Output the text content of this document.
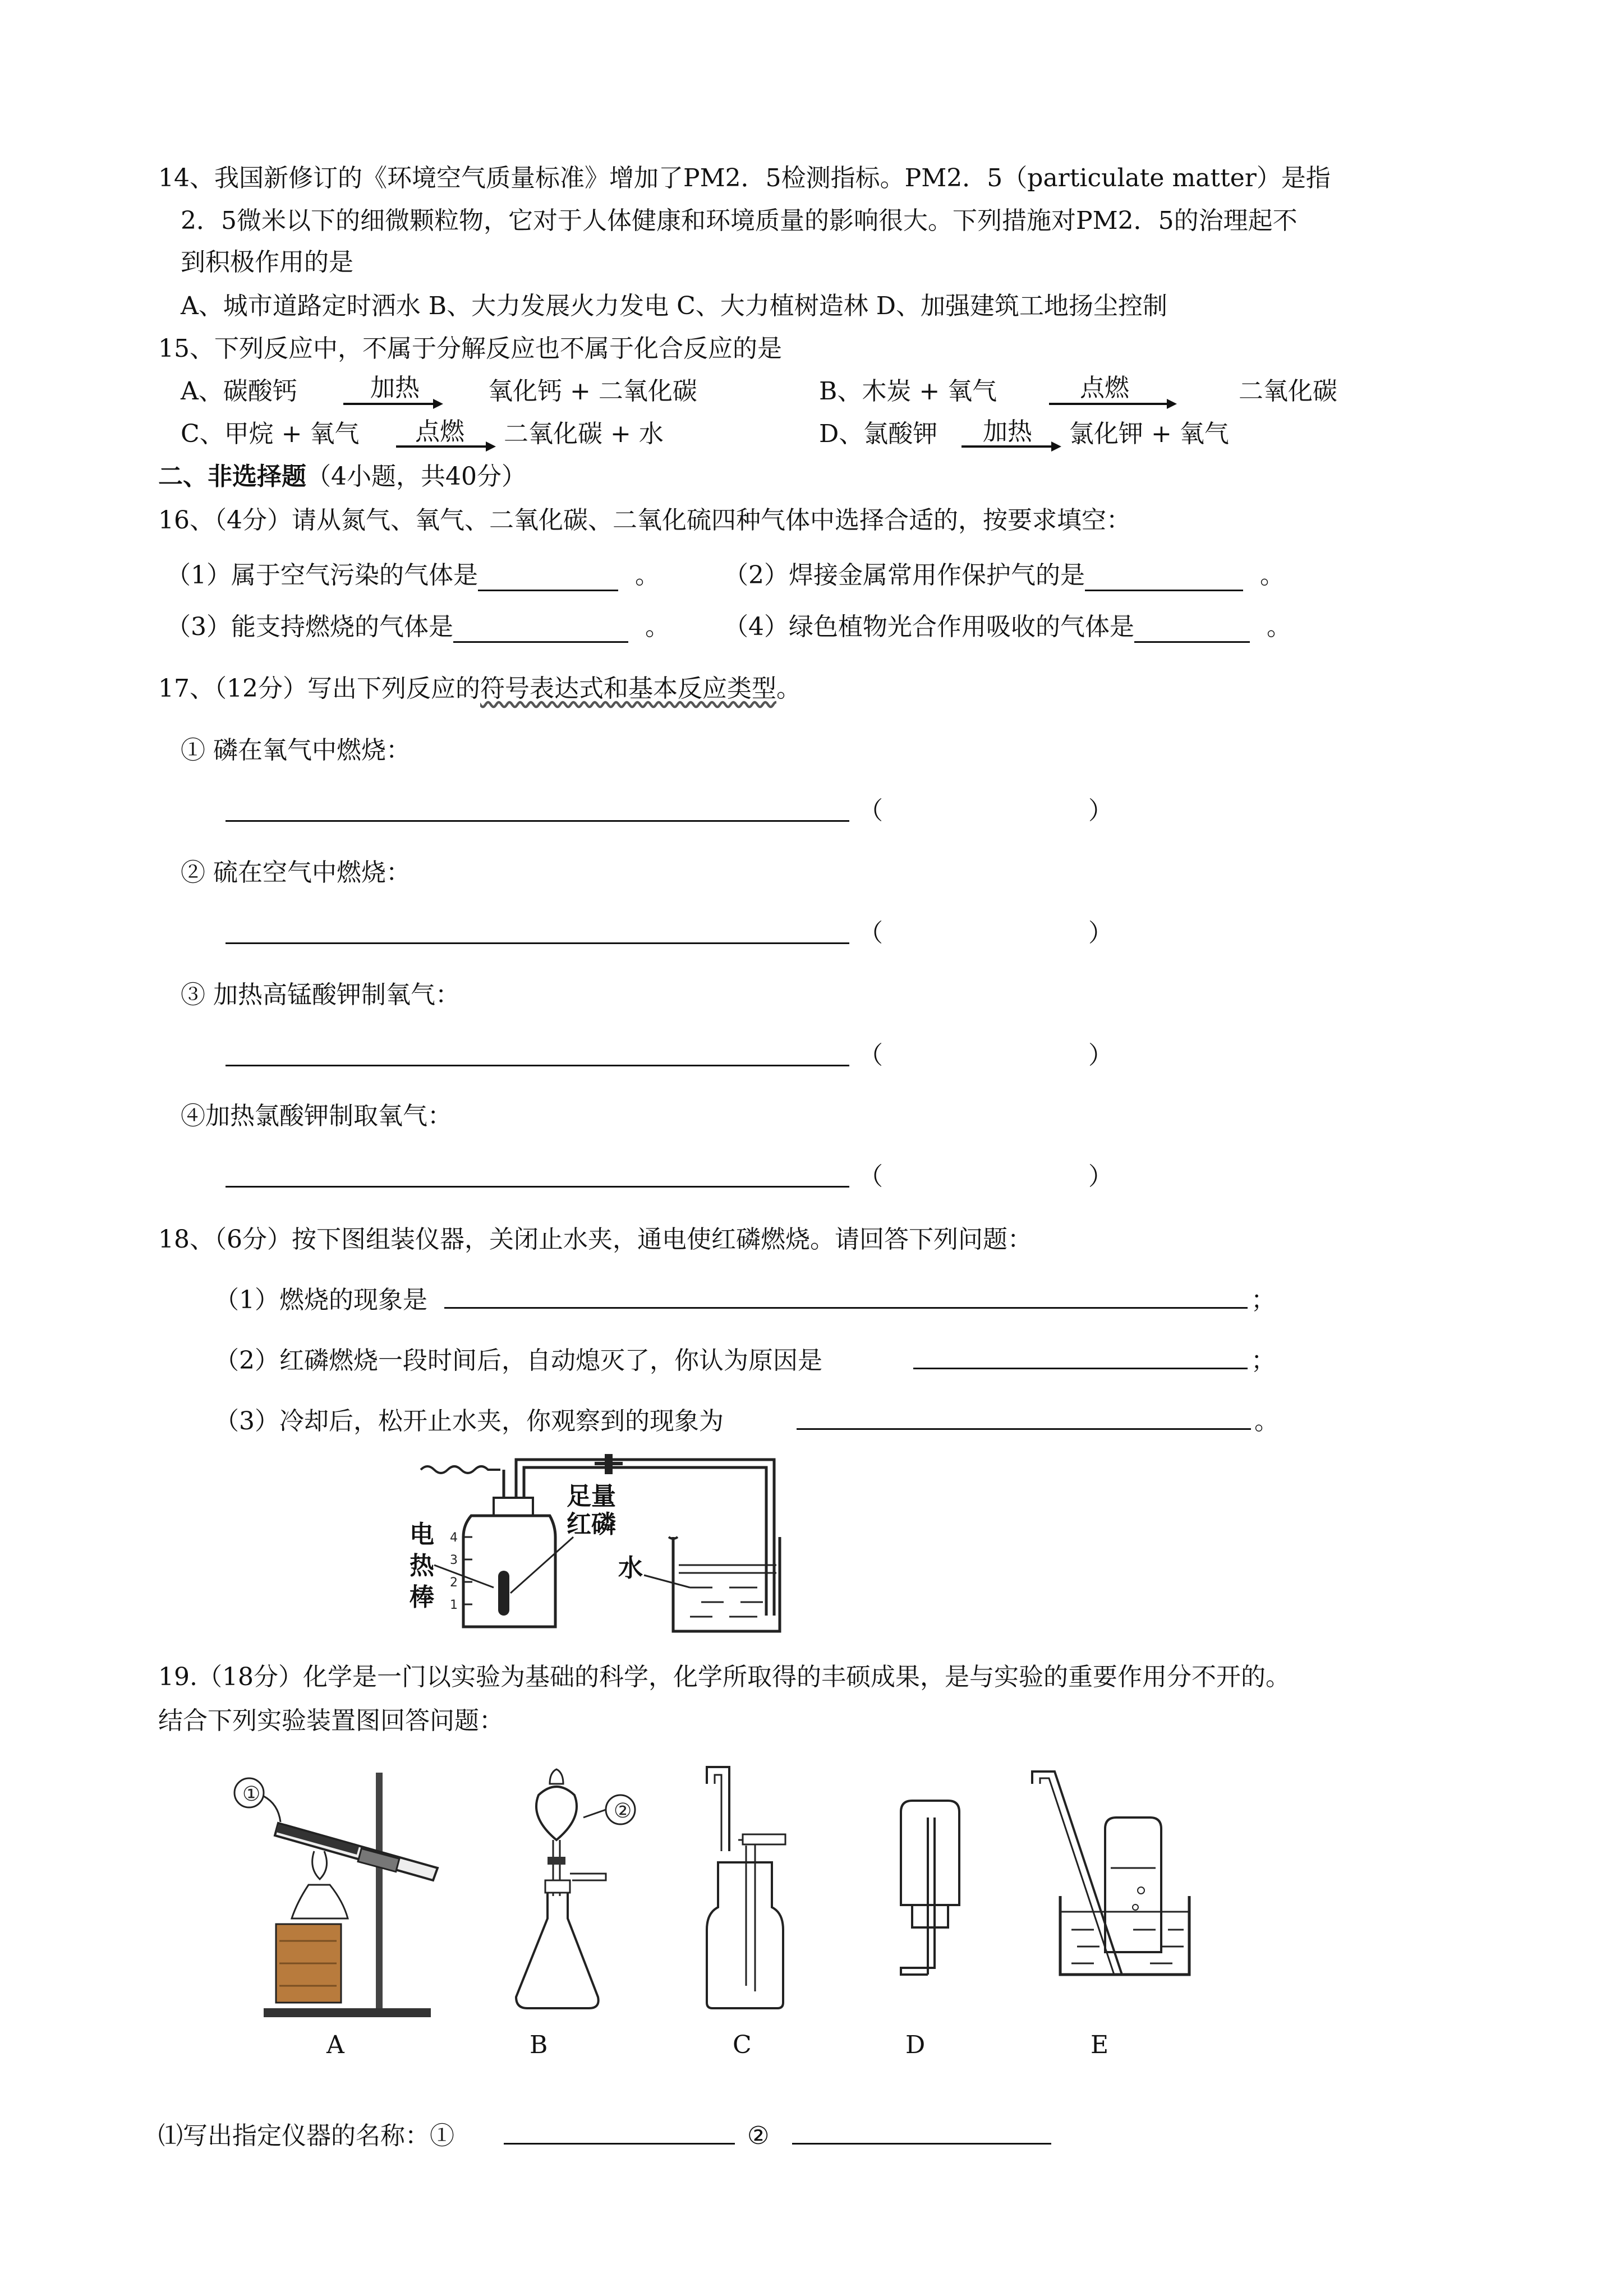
14、我国新修订的《环境空气质量标准》增加了PM2．5检测指标。PM2．5（particulate matter）是指
2．5微米以下的细微颗粒物，它对于人体健康和环境质量的影响很大。下列措施对PM2．5的治理起不
到积极作用的是
A、城市道路定时洒水 B、大力发展火力发电 C、大力植树造林 D、加强建筑工地扬尘控制
15、下列反应中，不属于分解反应也不属于化合反应的是
A、碳酸钙	加热	氧化钙 + 二氧化碳	B、木炭 + 氧气	点燃	二氧化碳
C、甲烷 + 氧气 点燃 二氧化碳 + 水	D、氯酸钾 加热 氯化钾 + 氧气
二、非选择题（4小题，共40分）
16、（4分）请从氮气、氧气、二氧化碳、二氧化硫四种气体中选择合适的，按要求填空：
（1）属于空气污染的气体是	。	（2）焊接金属常用作保护气的是	。
（3）能支持燃烧的气体是	。 （4）绿色植物光合作用吸收的气体是	。
17、（12分）写出下列反应的符号表达式和基本反应类型。
① 磷在氧气中燃烧：
（	）
② 硫在空气中燃烧：
（	）
③ 加热高锰酸钾制氧气：
（	）
④加热氯酸钾制取氧气：
（	）
18、（6分）按下图组装仪器，关闭止水夹，通电使红磷燃烧。请回答下列问题：
（1）燃烧的现象是	；
（2）红磷燃烧一段时间后，自动熄灭了，你认为原因是	；
（3）冷却后，松开止水夹，你观察到的现象为	。
4
3
2
1
电
热
棒
足量
红磷
水
19.（18分）化学是一门以实验为基础的科学，化学所取得的丰硕成果，是与实验的重要作用分不开的。
结合下列实验装置图回答问题：
①
②
A	B	C	D	E
⑴写出指定仪器的名称：①	②
